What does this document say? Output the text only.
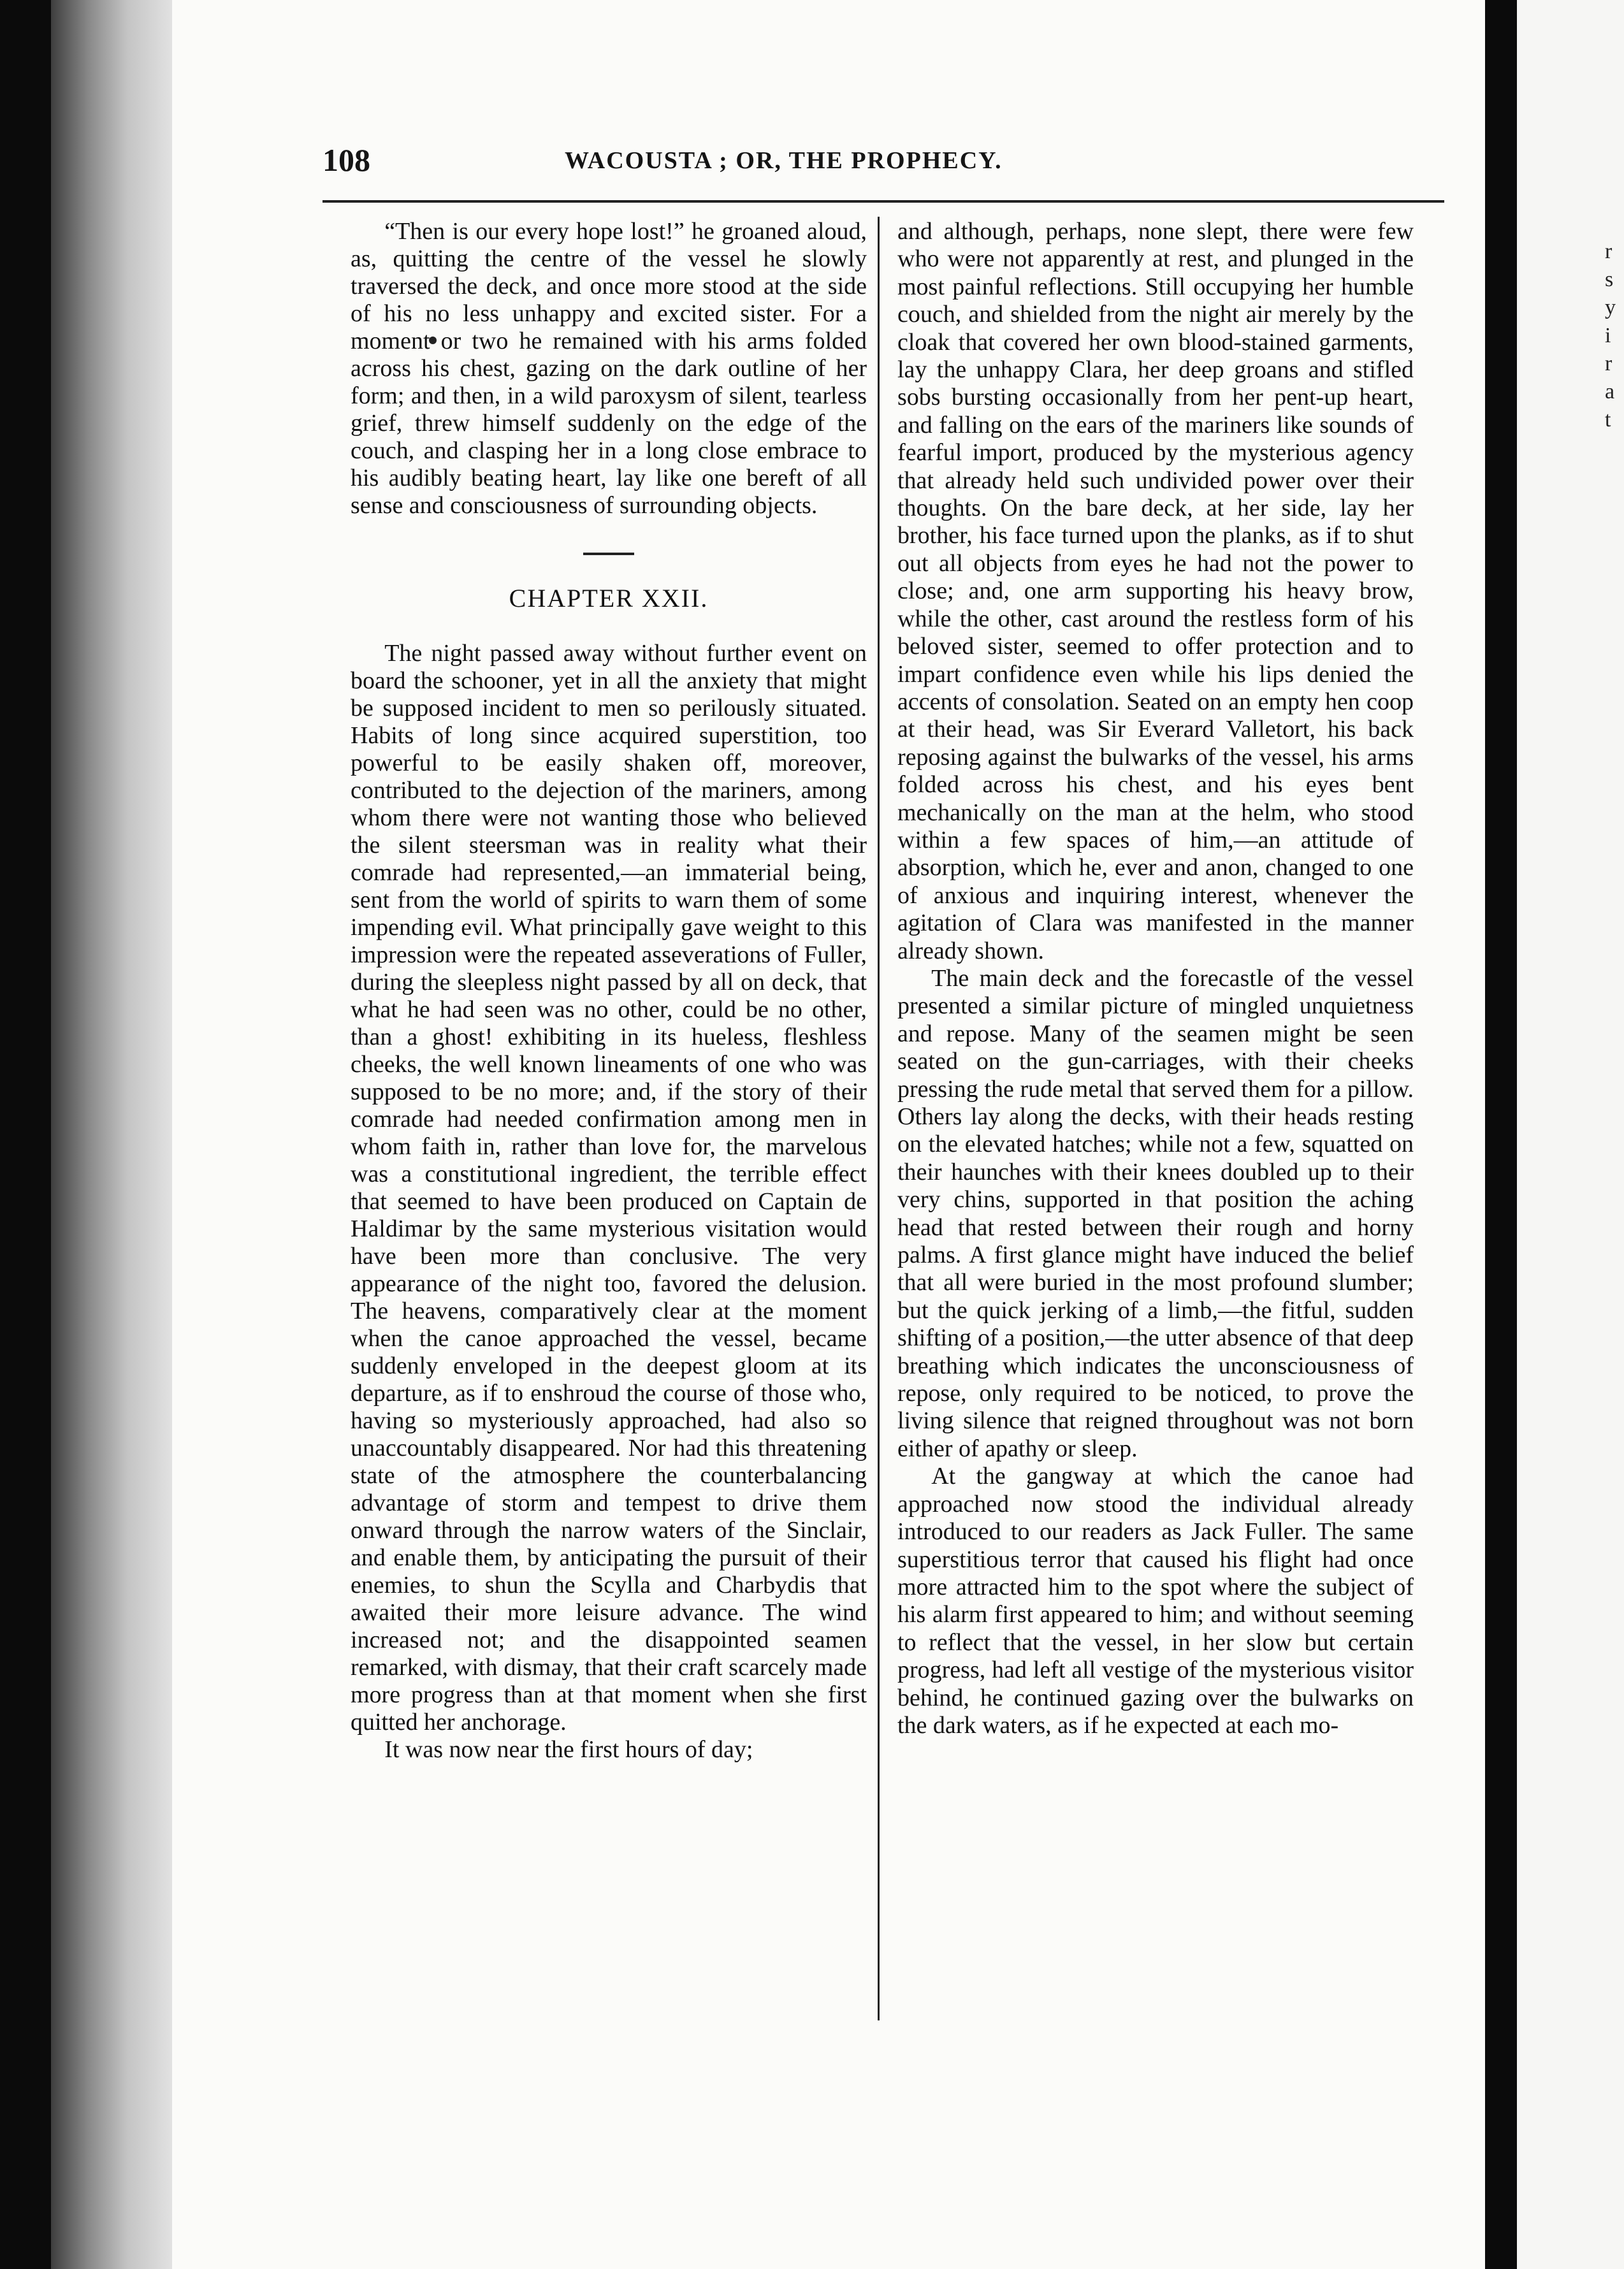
108	WACOUSTA ; OR, THE PROPHECY.

“Then is our every hope lost!” he groaned aloud, as, quitting the centre of the vessel he slowly traversed the deck, and once more stood at the side of his no less unhappy and excited sister. For a moment or two he remained with his arms folded across his chest, gazing on the dark outline of her form; and then, in a wild paroxysm of silent, tearless grief, threw himself suddenly on the edge of the couch, and clasping her in a long close embrace to his audibly beating heart, lay like one bereft of all sense and consciousness of surrounding objects.

CHAPTER XXII.

The night passed away without further event on board the schooner, yet in all the anxiety that might be supposed incident to men so perilously situated. Habits of long since acquired superstition, too powerful to be easily shaken off, moreover, contributed to the dejection of the mariners, among whom there were not wanting those who believed the silent steersman was in reality what their comrade had represented,—an immaterial being, sent from the world of spirits to warn them of some impending evil. What principally gave weight to this impression were the repeated asseverations of Fuller, during the sleepless night passed by all on deck, that what he had seen was no other, could be no other, than a ghost! exhibiting in its hueless, fleshless cheeks, the well known lineaments of one who was supposed to be no more; and, if the story of their comrade had needed confirmation among men in whom faith in, rather than love for, the marvelous was a constitutional ingredient, the terrible effect that seemed to have been produced on Captain de Haldimar by the same mysterious visitation would have been more than conclusive. The very appearance of the night too, favored the delusion. The heavens, comparatively clear at the moment when the canoe approached the vessel, became suddenly enveloped in the deepest gloom at its departure, as if to enshroud the course of those who, having so mysteriously approached, had also so unaccountably disappeared. Nor had this threatening state of the atmosphere the counterbalancing advantage of storm and tempest to drive them onward through the narrow waters of the Sinclair, and enable them, by anticipating the pursuit of their enemies, to shun the Scylla and Charbydis that awaited their more leisure advance. The wind increased not; and the disappointed seamen remarked, with dismay, that their craft scarcely made more progress than at that moment when she first quitted her anchorage.

It was now near the first hours of day;

and although, perhaps, none slept, there were few who were not apparently at rest, and plunged in the most painful reflections. Still occupying her humble couch, and shielded from the night air merely by the cloak that covered her own blood-stained garments, lay the unhappy Clara, her deep groans and stifled sobs bursting occasionally from her pent-up heart, and falling on the ears of the mariners like sounds of fearful import, produced by the mysterious agency that already held such undivided power over their thoughts. On the bare deck, at her side, lay her brother, his face turned upon the planks, as if to shut out all objects from eyes he had not the power to close; and, one arm supporting his heavy brow, while the other, cast around the restless form of his beloved sister, seemed to offer protection and to impart confidence even while his lips denied the accents of consolation. Seated on an empty hen coop at their head, was Sir Everard Valletort, his back reposing against the bulwarks of the vessel, his arms folded across his chest, and his eyes bent mechanically on the man at the helm, who stood within a few spaces of him,—an attitude of absorption, which he, ever and anon, changed to one of anxious and inquiring interest, whenever the agitation of Clara was manifested in the manner already shown.

The main deck and the forecastle of the vessel presented a similar picture of mingled unquietness and repose. Many of the seamen might be seen seated on the gun-carriages, with their cheeks pressing the rude metal that served them for a pillow. Others lay along the decks, with their heads resting on the elevated hatches; while not a few, squatted on their haunches with their knees doubled up to their very chins, supported in that position the aching head that rested between their rough and horny palms. A first glance might have induced the belief that all were buried in the most profound slumber; but the quick jerking of a limb,—the fitful, sudden shifting of a position,—the utter absence of that deep breathing which indicates the unconsciousness of repose, only required to be noticed, to prove the living silence that reigned throughout was not born either of apathy or sleep.

At the gangway at which the canoe had approached now stood the individual already introduced to our readers as Jack Fuller. The same superstitious terror that caused his flight had once more attracted him to the spot where the subject of his alarm first appeared to him; and without seeming to reflect that the vessel, in her slow but certain progress, had left all vestige of the mysterious visitor behind, he continued gazing over the bulwarks on the dark waters, as if he expected at each mo-

r
s
y
i
r
a
t
